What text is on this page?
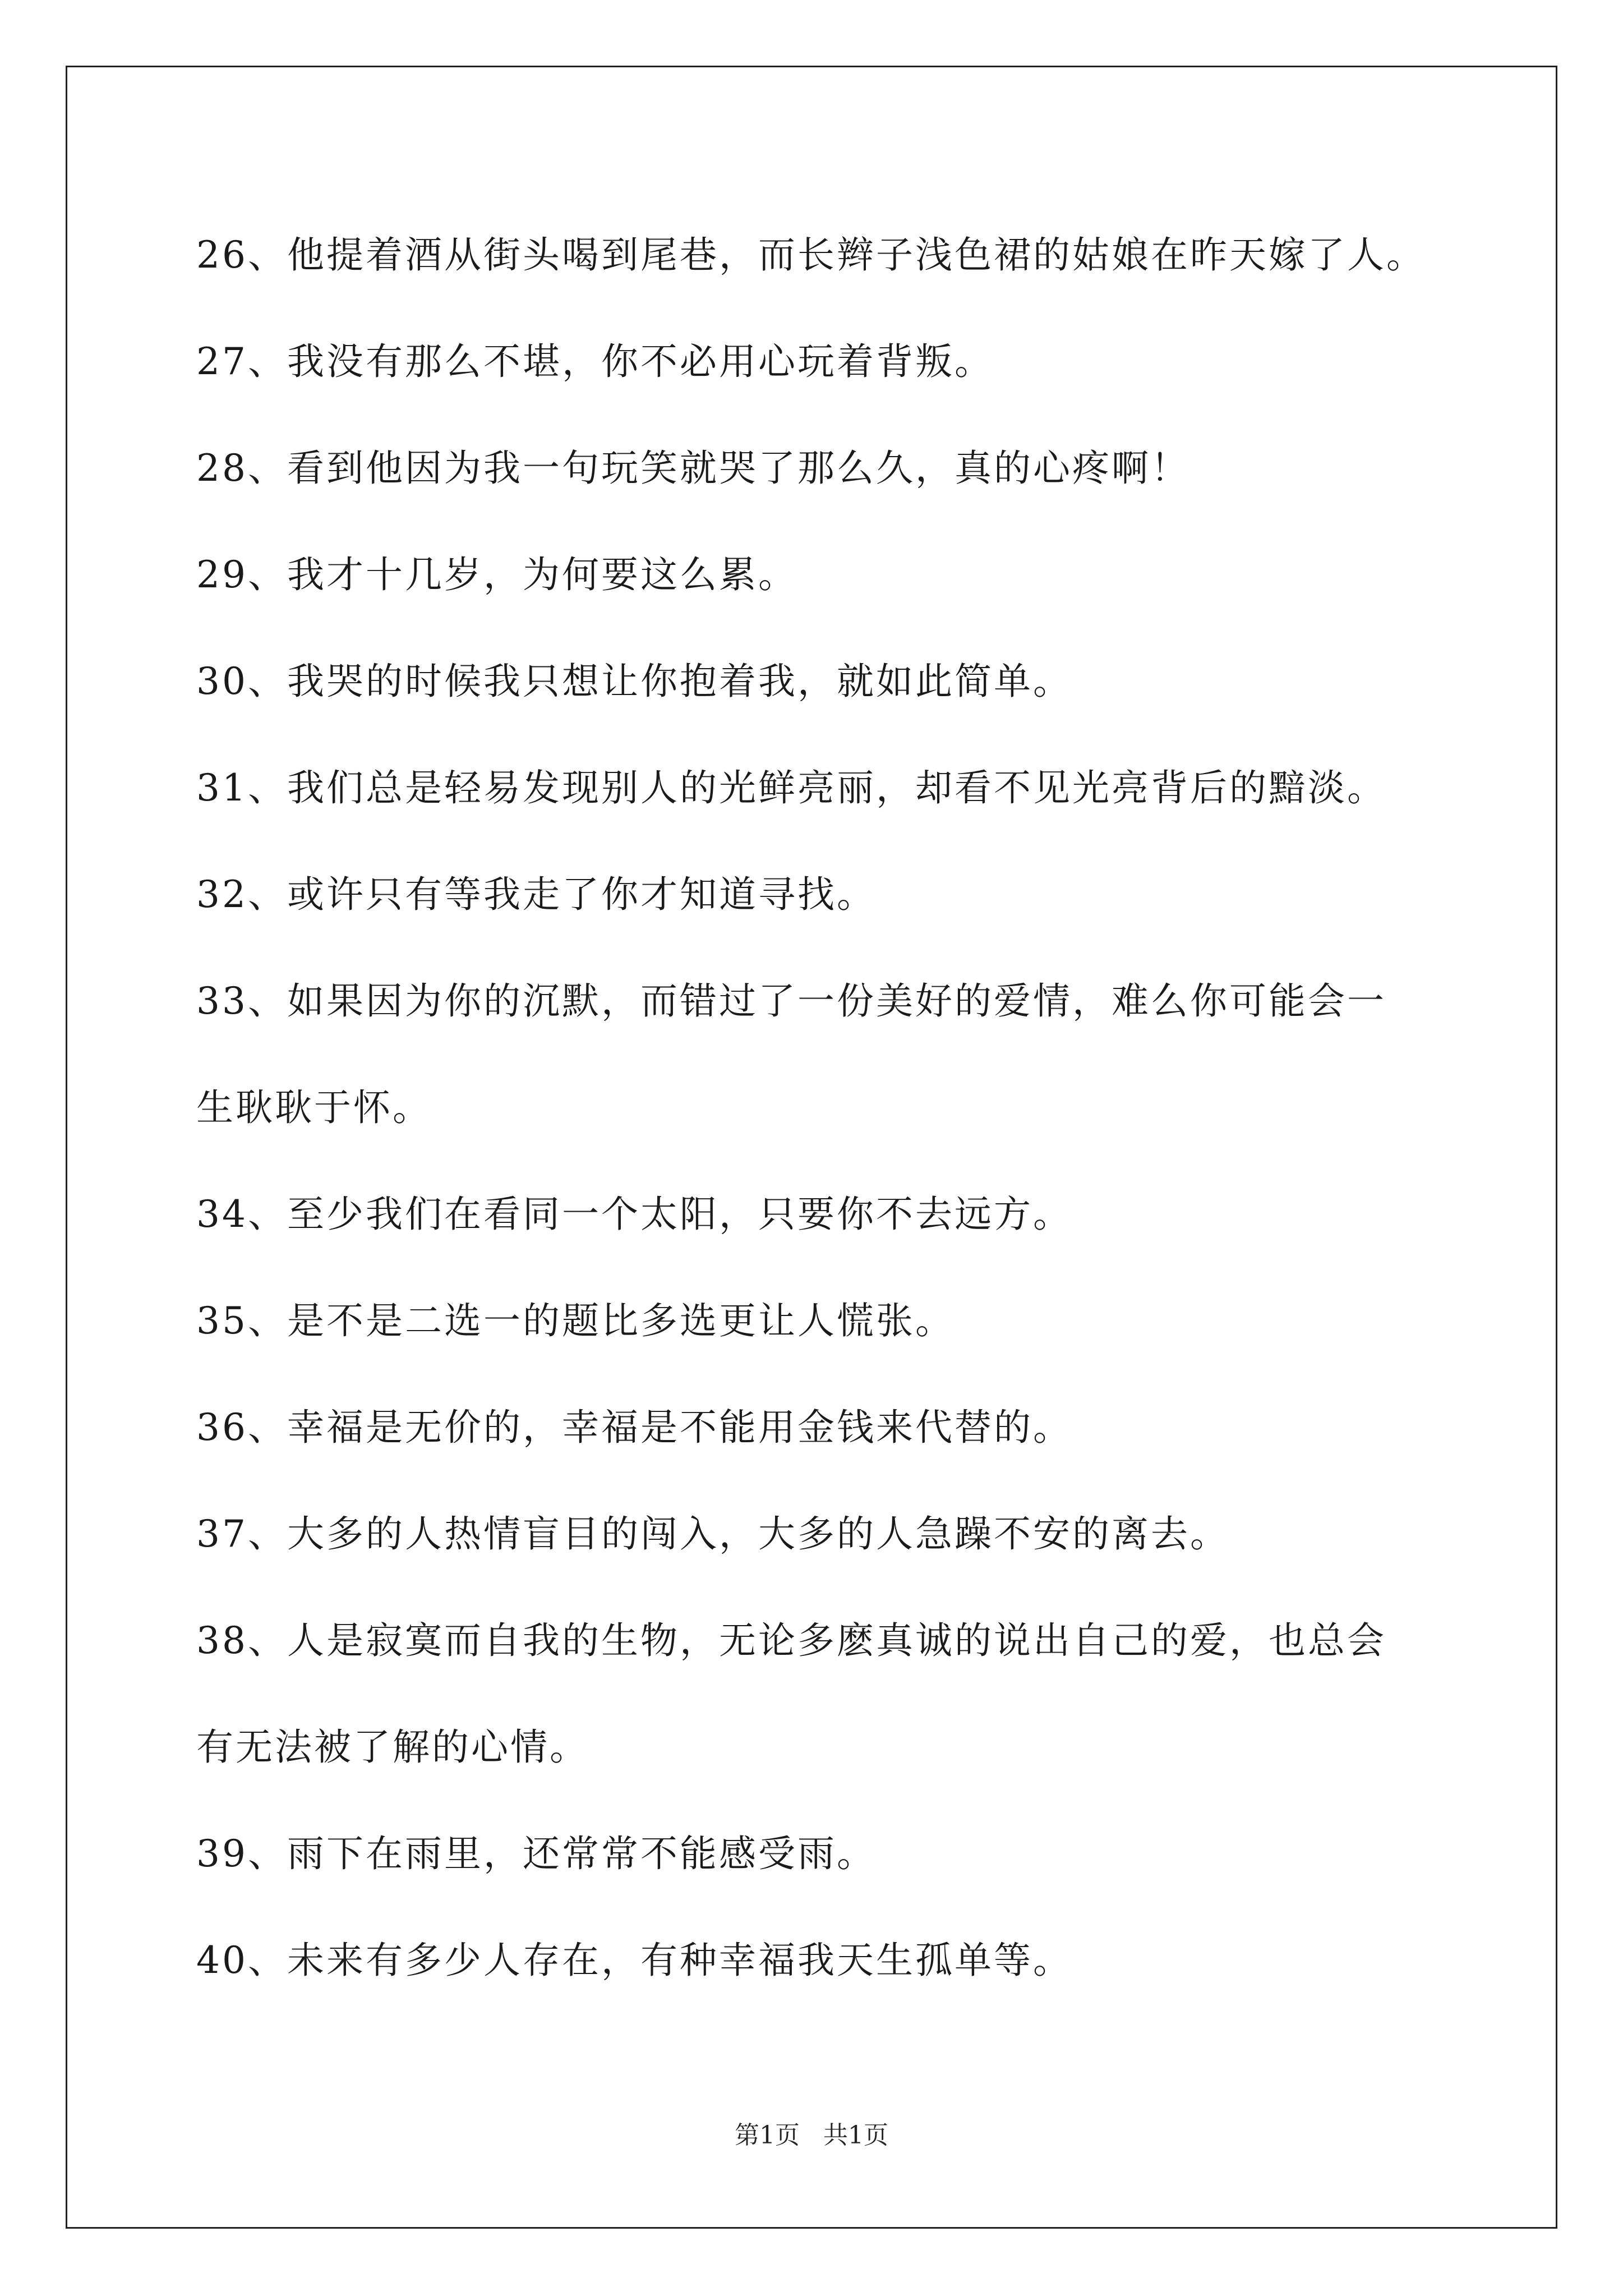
26、他提着酒从街头喝到尾巷，而长辫子浅色裙的姑娘在昨天嫁了人。
27、我没有那么不堪，你不必用心玩着背叛。
28、看到他因为我一句玩笑就哭了那么久，真的心疼啊！
29、我才十几岁，为何要这么累。
30、我哭的时候我只想让你抱着我，就如此简单。
31、我们总是轻易发现别人的光鲜亮丽，却看不见光亮背后的黯淡。
32、或许只有等我走了你才知道寻找。
33、如果因为你的沉默，而错过了一份美好的爱情，难么你可能会一
生耿耿于怀。
34、至少我们在看同一个太阳，只要你不去远方。
35、是不是二选一的题比多选更让人慌张。
36、幸福是无价的，幸福是不能用金钱来代替的。
37、大多的人热情盲目的闯入，大多的人急躁不安的离去。
38、人是寂寞而自我的生物，无论多麽真诚的说出自己的爱，也总会
有无法被了解的心情。
39、雨下在雨里，还常常不能感受雨。
40、未来有多少人存在，有种幸福我天生孤单等。
第1页   共1页
